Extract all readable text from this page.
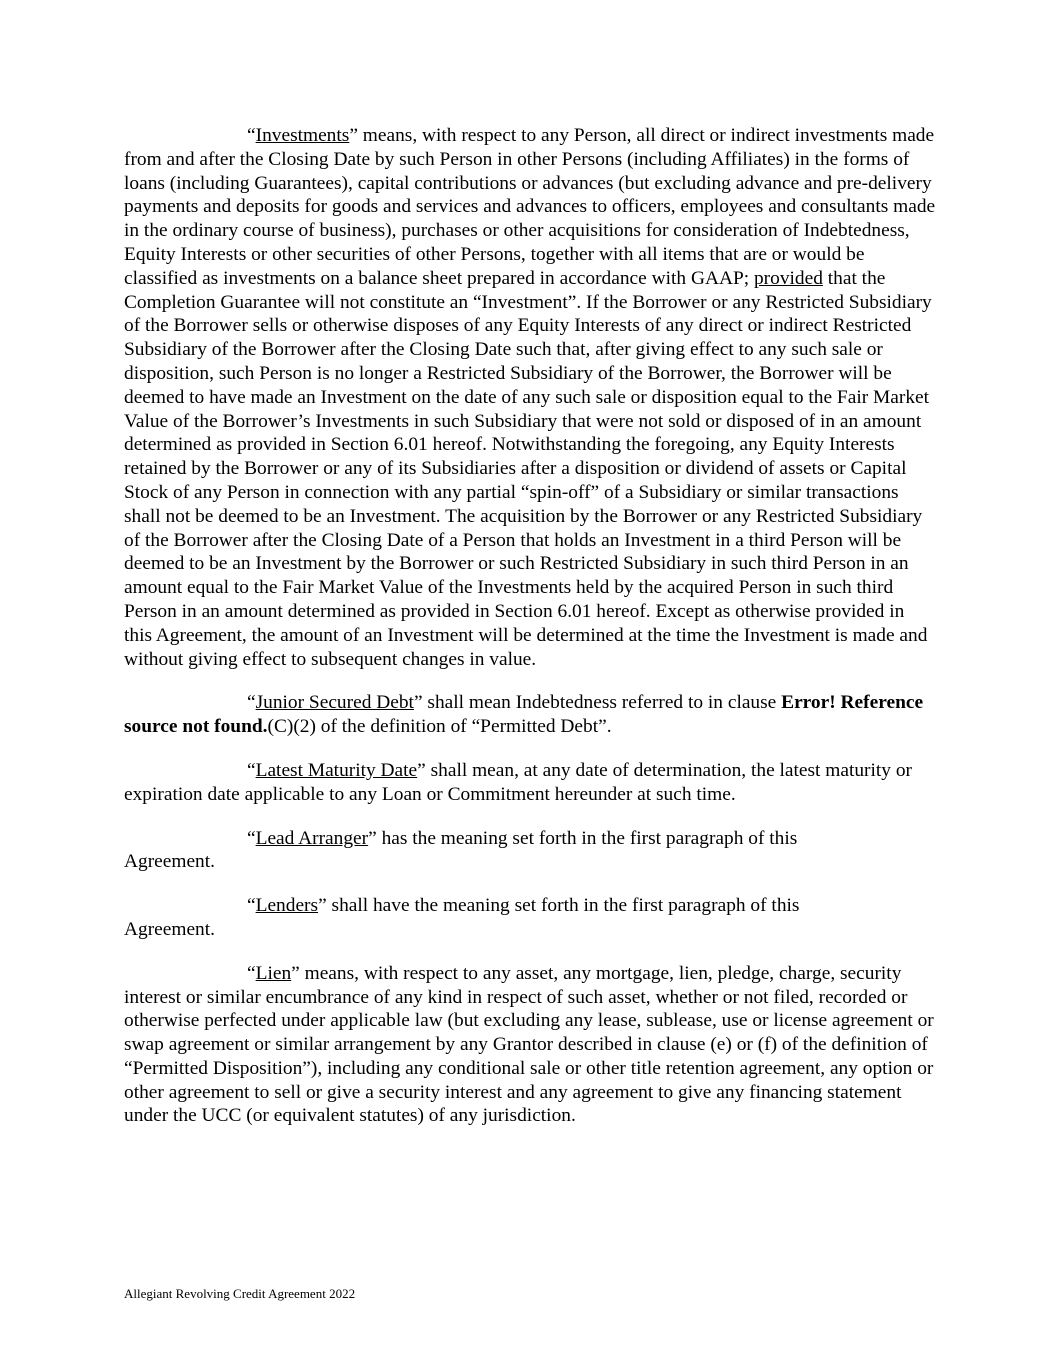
“Investments” means, with respect to any Person, all direct or indirect investments made from and after the Closing Date by such Person in other Persons (including Affiliates) in the forms of loans (including Guarantees), capital contributions or advances (but excluding advance and pre-delivery payments and deposits for goods and services and advances to officers, employees and consultants made in the ordinary course of business), purchases or other acquisitions for consideration of Indebtedness, Equity Interests or other securities of other Persons, together with all items that are or would be classified as investments on a balance sheet prepared in accordance with GAAP; provided that the Completion Guarantee will not constitute an “Investment”. If the Borrower or any Restricted Subsidiary of the Borrower sells or otherwise disposes of any Equity Interests of any direct or indirect Restricted Subsidiary of the Borrower after the Closing Date such that, after giving effect to any such sale or disposition, such Person is no longer a Restricted Subsidiary of the Borrower, the Borrower will be deemed to have made an Investment on the date of any such sale or disposition equal to the Fair Market Value of the Borrower’s Investments in such Subsidiary that were not sold or disposed of in an amount determined as provided in Section 6.01 hereof. Notwithstanding the foregoing, any Equity Interests retained by the Borrower or any of its Subsidiaries after a disposition or dividend of assets or Capital Stock of any Person in connection with any partial “spin-off” of a Subsidiary or similar transactions shall not be deemed to be an Investment. The acquisition by the Borrower or any Restricted Subsidiary of the Borrower after the Closing Date of a Person that holds an Investment in a third Person will be deemed to be an Investment by the Borrower or such Restricted Subsidiary in such third Person in an amount equal to the Fair Market Value of the Investments held by the acquired Person in such third Person in an amount determined as provided in Section 6.01 hereof. Except as otherwise provided in this Agreement, the amount of an Investment will be determined at the time the Investment is made and without giving effect to subsequent changes in value.

“Junior Secured Debt” shall mean Indebtedness referred to in clause Error! Reference source not found.(C)(2) of the definition of “Permitted Debt”.

“Latest Maturity Date” shall mean, at any date of determination, the latest maturity or expiration date applicable to any Loan or Commitment hereunder at such time.

“Lead Arranger” has the meaning set forth in the first paragraph of this
Agreement.

“Lenders” shall have the meaning set forth in the first paragraph of this
Agreement.

“Lien” means, with respect to any asset, any mortgage, lien, pledge, charge, security interest or similar encumbrance of any kind in respect of such asset, whether or not filed, recorded or otherwise perfected under applicable law (but excluding any lease, sublease, use or license agreement or swap agreement or similar arrangement by any Grantor described in clause (e) or (f) of the definition of “Permitted Disposition”), including any conditional sale or other title retention agreement, any option or other agreement to sell or give a security interest and any agreement to give any financing statement under the UCC (or equivalent statutes) of any jurisdiction.

Allegiant Revolving Credit Agreement 2022
